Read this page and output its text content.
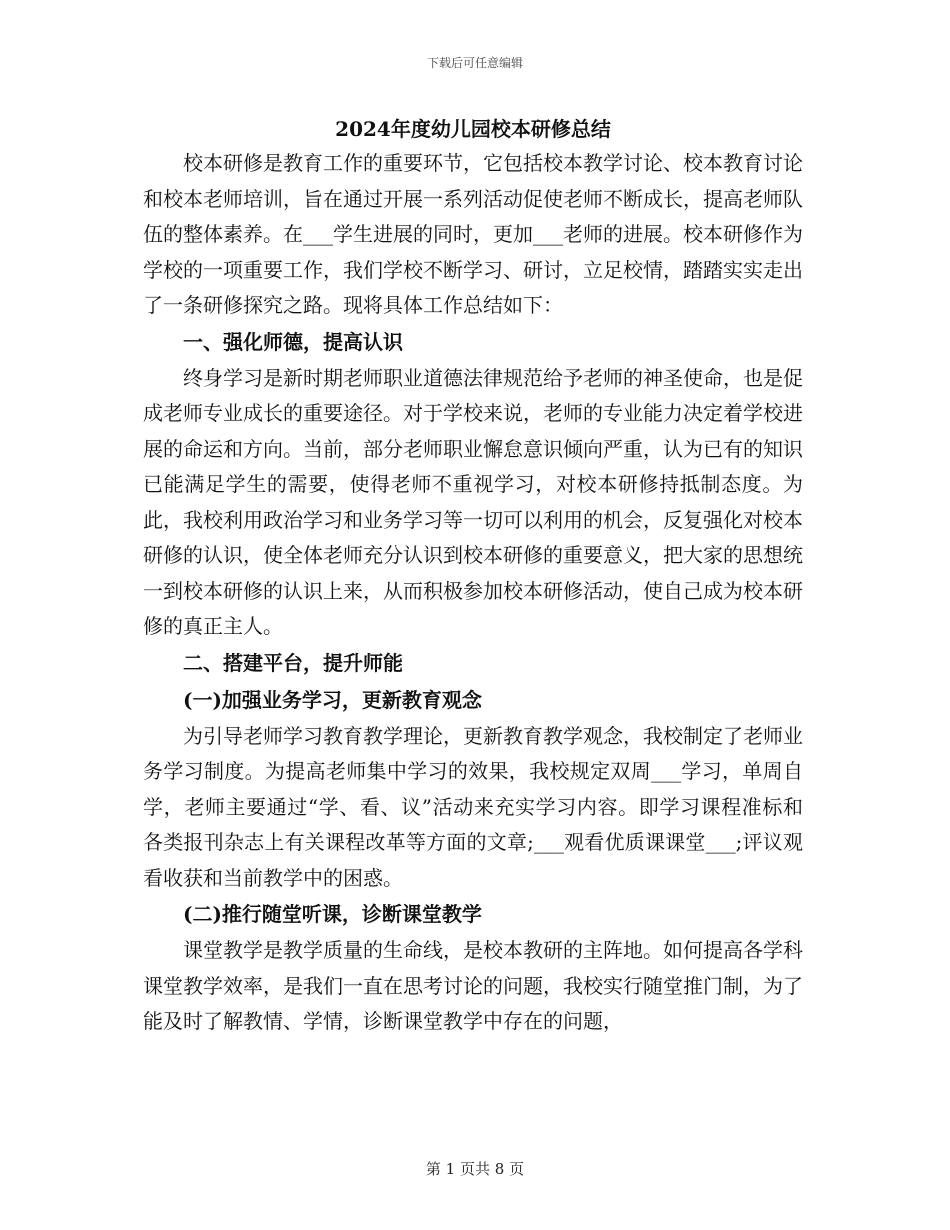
下载后可任意编辑
2024年度幼儿园校本研修总结

校本研修是教育工作的重要环节，它包括校本教学讨论、校本教育讨论和校本老师培训，旨在通过开展一系列活动促使老师不断成长，提高老师队伍的整体素养。在___学生进展的同时，更加___老师的进展。校本研修作为学校的一项重要工作，我们学校不断学习、研讨，立足校情，踏踏实实走出了一条研修探究之路。现将具体工作总结如下：

一、强化师德，提高认识

终身学习是新时期老师职业道德法律规范给予老师的神圣使命，也是促成老师专业成长的重要途径。对于学校来说，老师的专业能力决定着学校进展的命运和方向。当前，部分老师职业懈怠意识倾向严重，认为已有的知识已能满足学生的需要，使得老师不重视学习，对校本研修持抵制态度。为此，我校利用政治学习和业务学习等一切可以利用的机会，反复强化对校本研修的认识，使全体老师充分认识到校本研修的重要意义，把大家的思想统一到校本研修的认识上来，从而积极参加校本研修活动，使自己成为校本研修的真正主人。

二、搭建平台，提升师能

(一)加强业务学习，更新教育观念

为引导老师学习教育教学理论，更新教育教学观念，我校制定了老师业务学习制度。为提高老师集中学习的效果，我校规定双周___学习，单周自学，老师主要通过“学、看、议”活动来充实学习内容。即学习课程准标和各类报刊杂志上有关课程改革等方面的文章;___观看优质课课堂___;评议观看收获和当前教学中的困惑。

(二)推行随堂听课，诊断课堂教学

课堂教学是教学质量的生命线，是校本教研的主阵地。如何提高各学科课堂教学效率，是我们一直在思考讨论的问题，我校实行随堂推门制，为了能及时了解教情、学情，诊断课堂教学中存在的问题，

第 1 页共 8 页
